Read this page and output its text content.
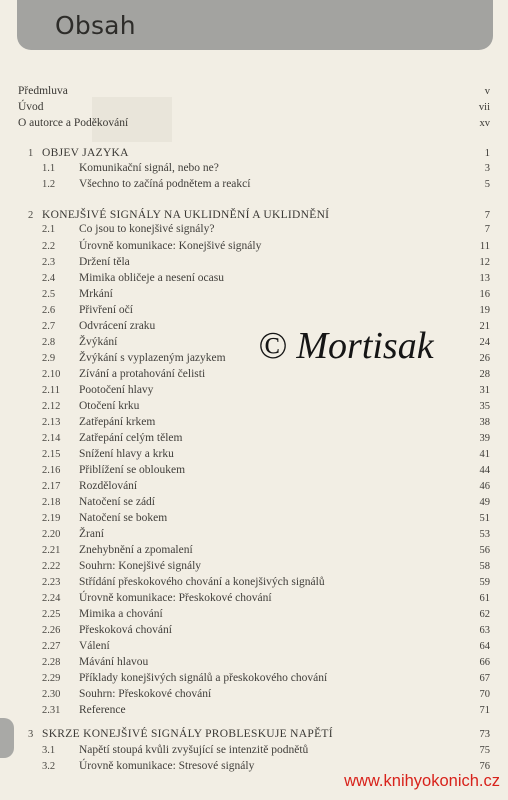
Obsah
Předmluva	v
Úvod	vii
O autorce a Poděkování	xv
1 OBJEV JAZYKA	1
1.1 Komunikační signál, nebo ne?	3
1.2 Všechno to začíná podnětem a reakcí	5
2 KONEJŠIVÉ SIGNÁLY NA UKLIDNĚNÍ A UKLIDNĚNÍ	7
2.1 Co jsou to konejšivé signály?	7
2.2 Úrovně komunikace: Konejšivé signály	11
2.3 Držení těla	12
2.4 Mimika obličeje a nesení ocasu	13
2.5 Mrkání	16
2.6 Přivření očí	19
2.7 Odvrácení zraku	21
2.8 Žvýkání	24
2.9 Žvýkání s vyplazeným jazykem	26
2.10 Zívání a protahování čelisti	28
2.11 Pootočení hlavy	31
2.12 Otočení krku	35
2.13 Zatřepání krkem	38
2.14 Zatřepání celým tělem	39
2.15 Snížení hlavy a krku	41
2.16 Přiblížení se obloukem	44
2.17 Rozdělování	46
2.18 Natočení se zádí	49
2.19 Natočení se bokem	51
2.20 Žraní	53
2.21 Znehybnění a zpomalení	56
2.22 Souhrn: Konejšivé signály	58
2.23 Střídání přeskokového chování a konejšivých signálů	59
2.24 Úrovně komunikace: Přeskokové chování	61
2.25 Mimika a chování	62
2.26 Přeskoková chování	63
2.27 Válení	64
2.28 Mávání hlavou	66
2.29 Příklady konejšivých signálů a přeskokového chování	67
2.30 Souhrn: Přeskokové chování	70
2.31 Reference	71
3 SKRZE KONEJŠIVÉ SIGNÁLY PROBLESKUJE NAPĚTÍ	73
3.1 Napětí stoupá kvůli zvyšující se intenzitě podnětů	75
3.2 Úrovně komunikace: Stresové signály	76
© Mortisak
www.knihyokonich.cz
